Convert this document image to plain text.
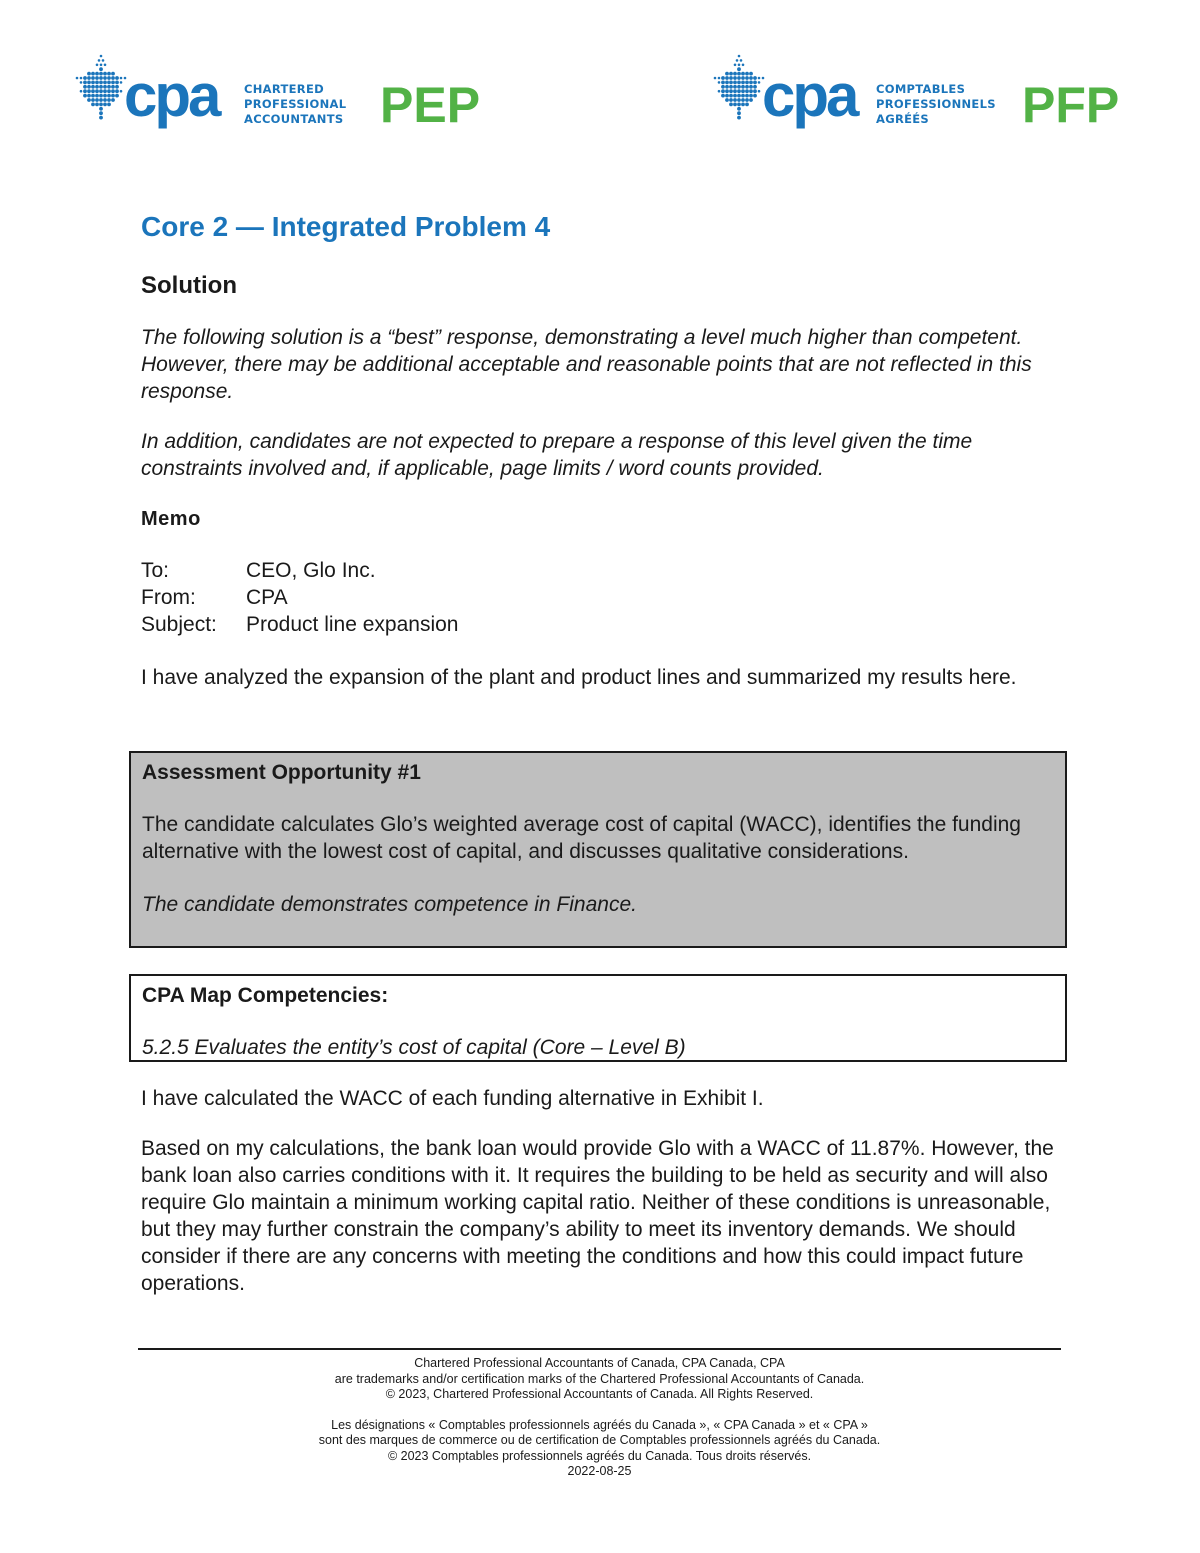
cpa CHARTERED
PROFESSIONAL
ACCOUNTANTS PEP	cpa COMPTABLES
PROFESSIONNELS
AGRÉÉS	PFP
Core 2 — Integrated Problem 4
Solution

The following solution is a “best” response, demonstrating a level much higher than competent. However, there may be additional acceptable and reasonable points that are not reflected in this response.

In addition, candidates are not expected to prepare a response of this level given the time constraints involved and, if applicable, page limits / word counts provided.

Memo
To:	CEO, Glo Inc.
From:	CPA
Subject:	Product line expansion

I have analyzed the expansion of the plant and product lines and summarized my results here.

Assessment Opportunity #1

The candidate calculates Glo’s weighted average cost of capital (WACC), identifies the funding alternative with the lowest cost of capital, and discusses qualitative considerations.

The candidate demonstrates competence in Finance.

CPA Map Competencies:

5.2.5 Evaluates the entity’s cost of capital (Core – Level B)

I have calculated the WACC of each funding alternative in Exhibit I.

Based on my calculations, the bank loan would provide Glo with a WACC of 11.87%. However, the bank loan also carries conditions with it. It requires the building to be held as security and will also require Glo maintain a minimum working capital ratio. Neither of these conditions is unreasonable, but they may further constrain the company’s ability to meet its inventory demands. We should consider if there are any concerns with meeting the conditions and how this could impact future operations.

Chartered Professional Accountants of Canada, CPA Canada, CPA
are trademarks and/or certification marks of the Chartered Professional Accountants of Canada.
© 2023, Chartered Professional Accountants of Canada. All Rights Reserved.
Les désignations « Comptables professionnels agréés du Canada », « CPA Canada » et « CPA »
sont des marques de commerce ou de certification de Comptables professionnels agréés du Canada.
© 2023 Comptables professionnels agréés du Canada. Tous droits réservés.
2022-08-25
